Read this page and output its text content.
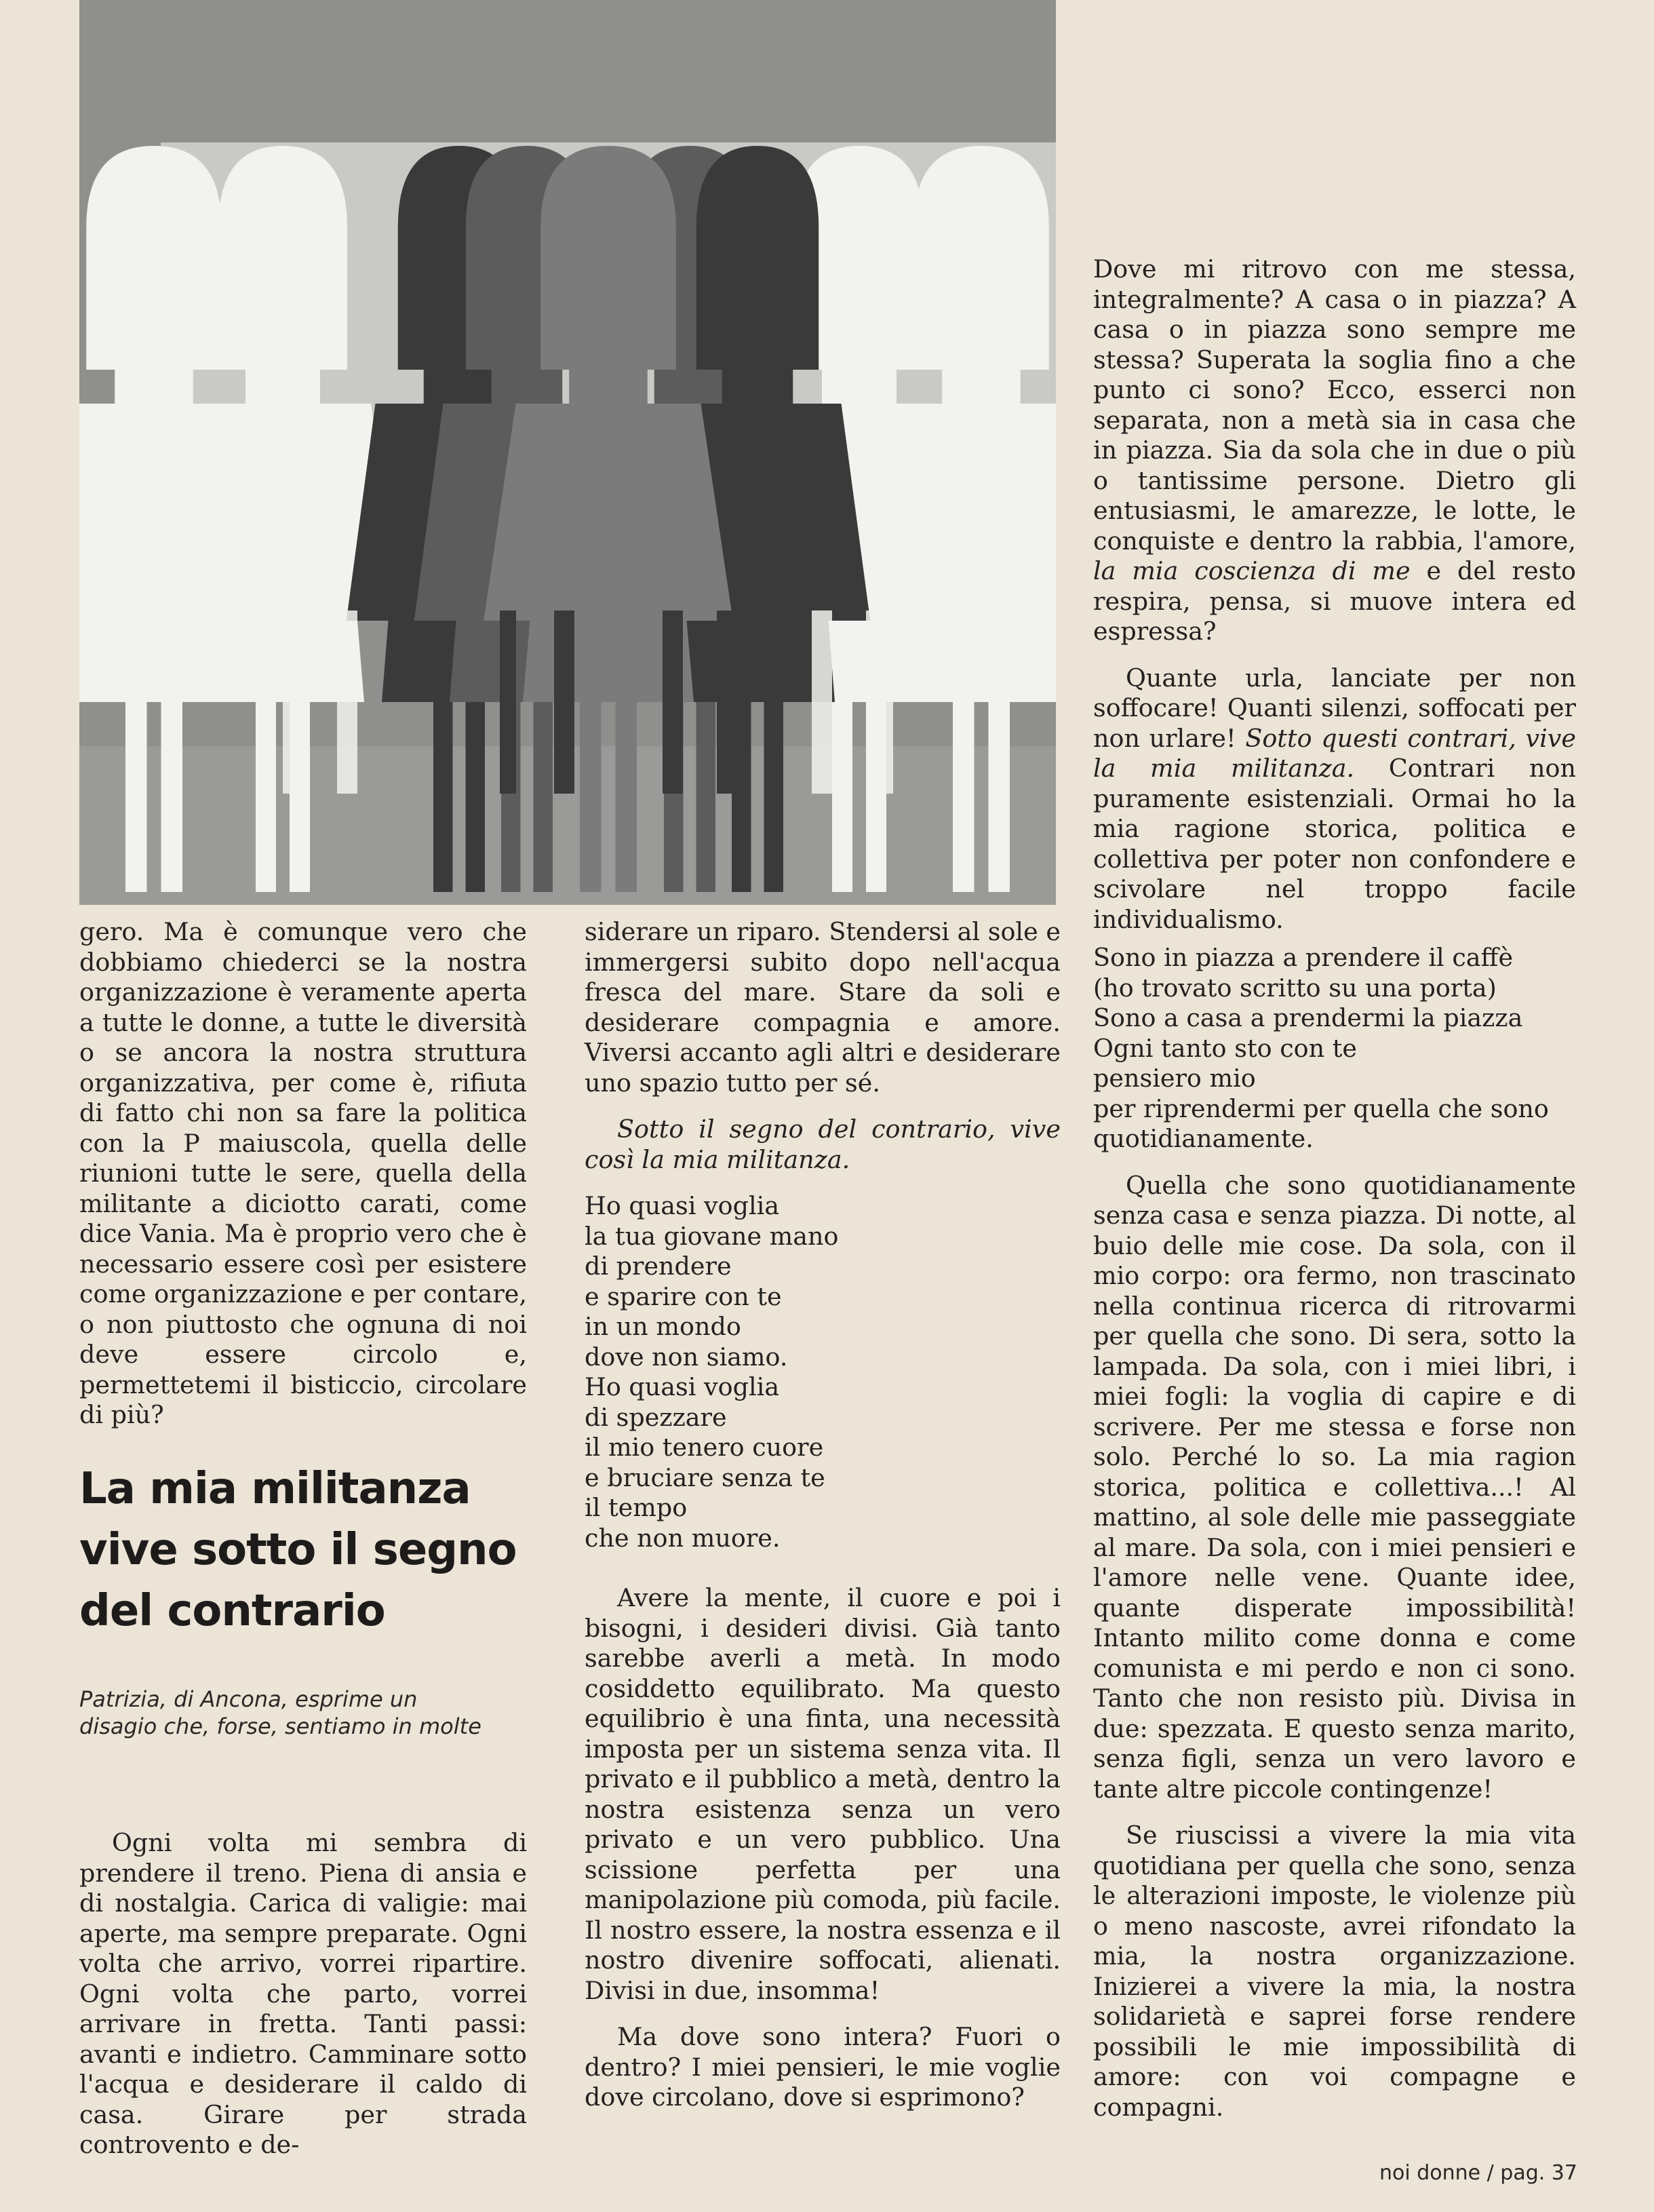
gero. Ma è comunque vero che dobbiamo chiederci se la nostra organizzazione è veramente aperta a tutte le donne, a tutte le diversità o se ancora la nostra struttura organizzativa, per come è, rifiuta di fatto chi non sa fare la politica con la P maiuscola, quella delle riunioni tutte le sere, quella della militante a diciotto carati, come dice Vania. Ma è proprio vero che è necessario essere così per esistere come organizzazione e per contare, o non piuttosto che ognuna di noi deve essere circolo e, permettetemi il bisticcio, circolare di più?

La mia militanza vive sotto il segno del contrario
Patrizia, di Ancona, esprime un disagio che, forse, sentiamo in molte

Ogni volta mi sembra di prendere il treno. Piena di ansia e di nostalgia. Carica di valigie: mai aperte, ma sempre preparate. Ogni volta che arrivo, vorrei ripartire. Ogni volta che parto, vorrei arrivare in fretta. Tanti passi: avanti e indietro. Camminare sotto l'acqua e desiderare il caldo di casa. Girare per strada controvento e de-

siderare un riparo. Stendersi al sole e immergersi subito dopo nell'acqua fresca del mare. Stare da soli e desiderare compagnia e amore. Viversi accanto agli altri e desiderare uno spazio tutto per sé.

Sotto il segno del contrario, vive così la mia militanza.

Ho quasi voglia
la tua giovane mano
di prendere
e sparire con te
in un mondo
dove non siamo.
Ho quasi voglia
di spezzare
il mio tenero cuore
e bruciare senza te
il tempo
che non muore.

Avere la mente, il cuore e poi i bisogni, i desideri divisi. Già tanto sarebbe averli a metà. In modo cosiddetto equilibrato. Ma questo equilibrio è una finta, una necessità imposta per un sistema senza vita. Il privato e il pubblico a metà, dentro la nostra esistenza senza un vero privato e un vero pubblico. Una scissione perfetta per una manipolazione più comoda, più facile. Il nostro essere, la nostra essenza e il nostro divenire soffocati, alienati. Divisi in due, insomma!

Ma dove sono intera? Fuori o dentro? I miei pensieri, le mie voglie dove circolano, dove si esprimono?

Dove mi ritrovo con me stessa, integralmente? A casa o in piazza? A casa o in piazza sono sempre me stessa? Superata la soglia fino a che punto ci sono? Ecco, esserci non separata, non a metà sia in casa che in piazza. Sia da sola che in due o più o tantissime persone. Dietro gli entusiasmi, le amarezze, le lotte, le conquiste e dentro la rabbia, l'amore, la mia coscienza di me e del resto respira, pensa, si muove intera ed espressa?

Quante urla, lanciate per non soffocare! Quanti silenzi, soffocati per non urlare! Sotto questi contrari, vive la mia militanza. Contrari non puramente esistenziali. Ormai ho la mia ragione storica, politica e collettiva per poter non confondere e scivolare nel troppo facile individualismo.

Sono in piazza a prendere il caffè
(ho trovato scritto su una porta)
Sono a casa a prendermi la piazza
Ogni tanto sto con te
pensiero mio
per riprendermi per quella che sono
quotidianamente.

Quella che sono quotidianamente senza casa e senza piazza. Di notte, al buio delle mie cose. Da sola, con il mio corpo: ora fermo, non trascinato nella continua ricerca di ritrovarmi per quella che sono. Di sera, sotto la lampada. Da sola, con i miei libri, i miei fogli: la voglia di capire e di scrivere. Per me stessa e forse non solo. Perché lo so. La mia ragion storica, politica e collettiva...! Al mattino, al sole delle mie passeggiate al mare. Da sola, con i miei pensieri e l'amore nelle vene. Quante idee, quante disperate impossibilità! Intanto milito come donna e come comunista e mi perdo e non ci sono. Tanto che non resisto più. Divisa in due: spezzata. E questo senza marito, senza figli, senza un vero lavoro e tante altre piccole contingenze!

Se riuscissi a vivere la mia vita quotidiana per quella che sono, senza le alterazioni imposte, le violenze più o meno nascoste, avrei rifondato la mia, la nostra organizzazione. Inizierei a vivere la mia, la nostra solidarietà e saprei forse rendere possibili le mie impossibilità di amore: con voi compagne e compagni.

noi donne / pag. 37
